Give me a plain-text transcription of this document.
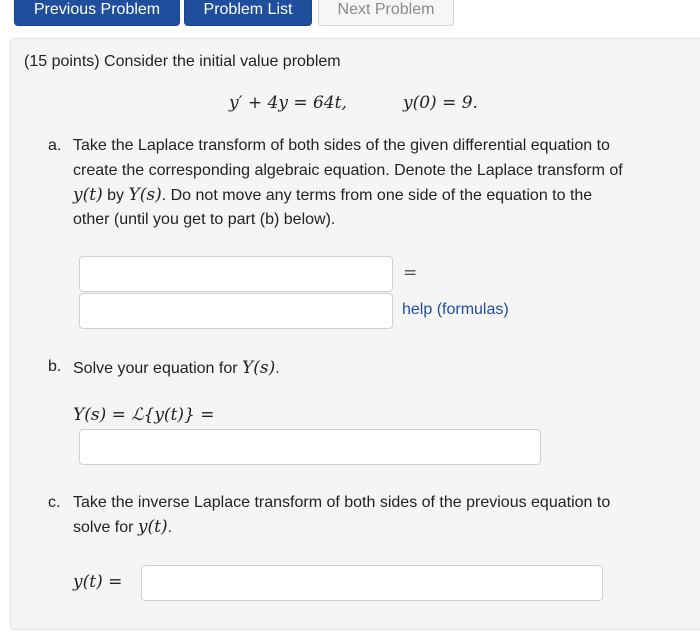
Previous Problem	Problem List	Next Problem
(15 points) Consider the initial value problem
y′ + 4y = 64t,	y(0) = 9.
a. Take the Laplace transform of both sides of the given differential equation to
create the corresponding algebraic equation. Denote the Laplace transform of
y(t) by Y(s). Do not move any terms from one side of the equation to the
other (until you get to part (b) below).
=
help (formulas)
b. Solve your equation for Y(s).
Y(s) = ℒ{y(t)} =
c. Take the inverse Laplace transform of both sides of the previous equation to
solve for y(t).
y(t) =
